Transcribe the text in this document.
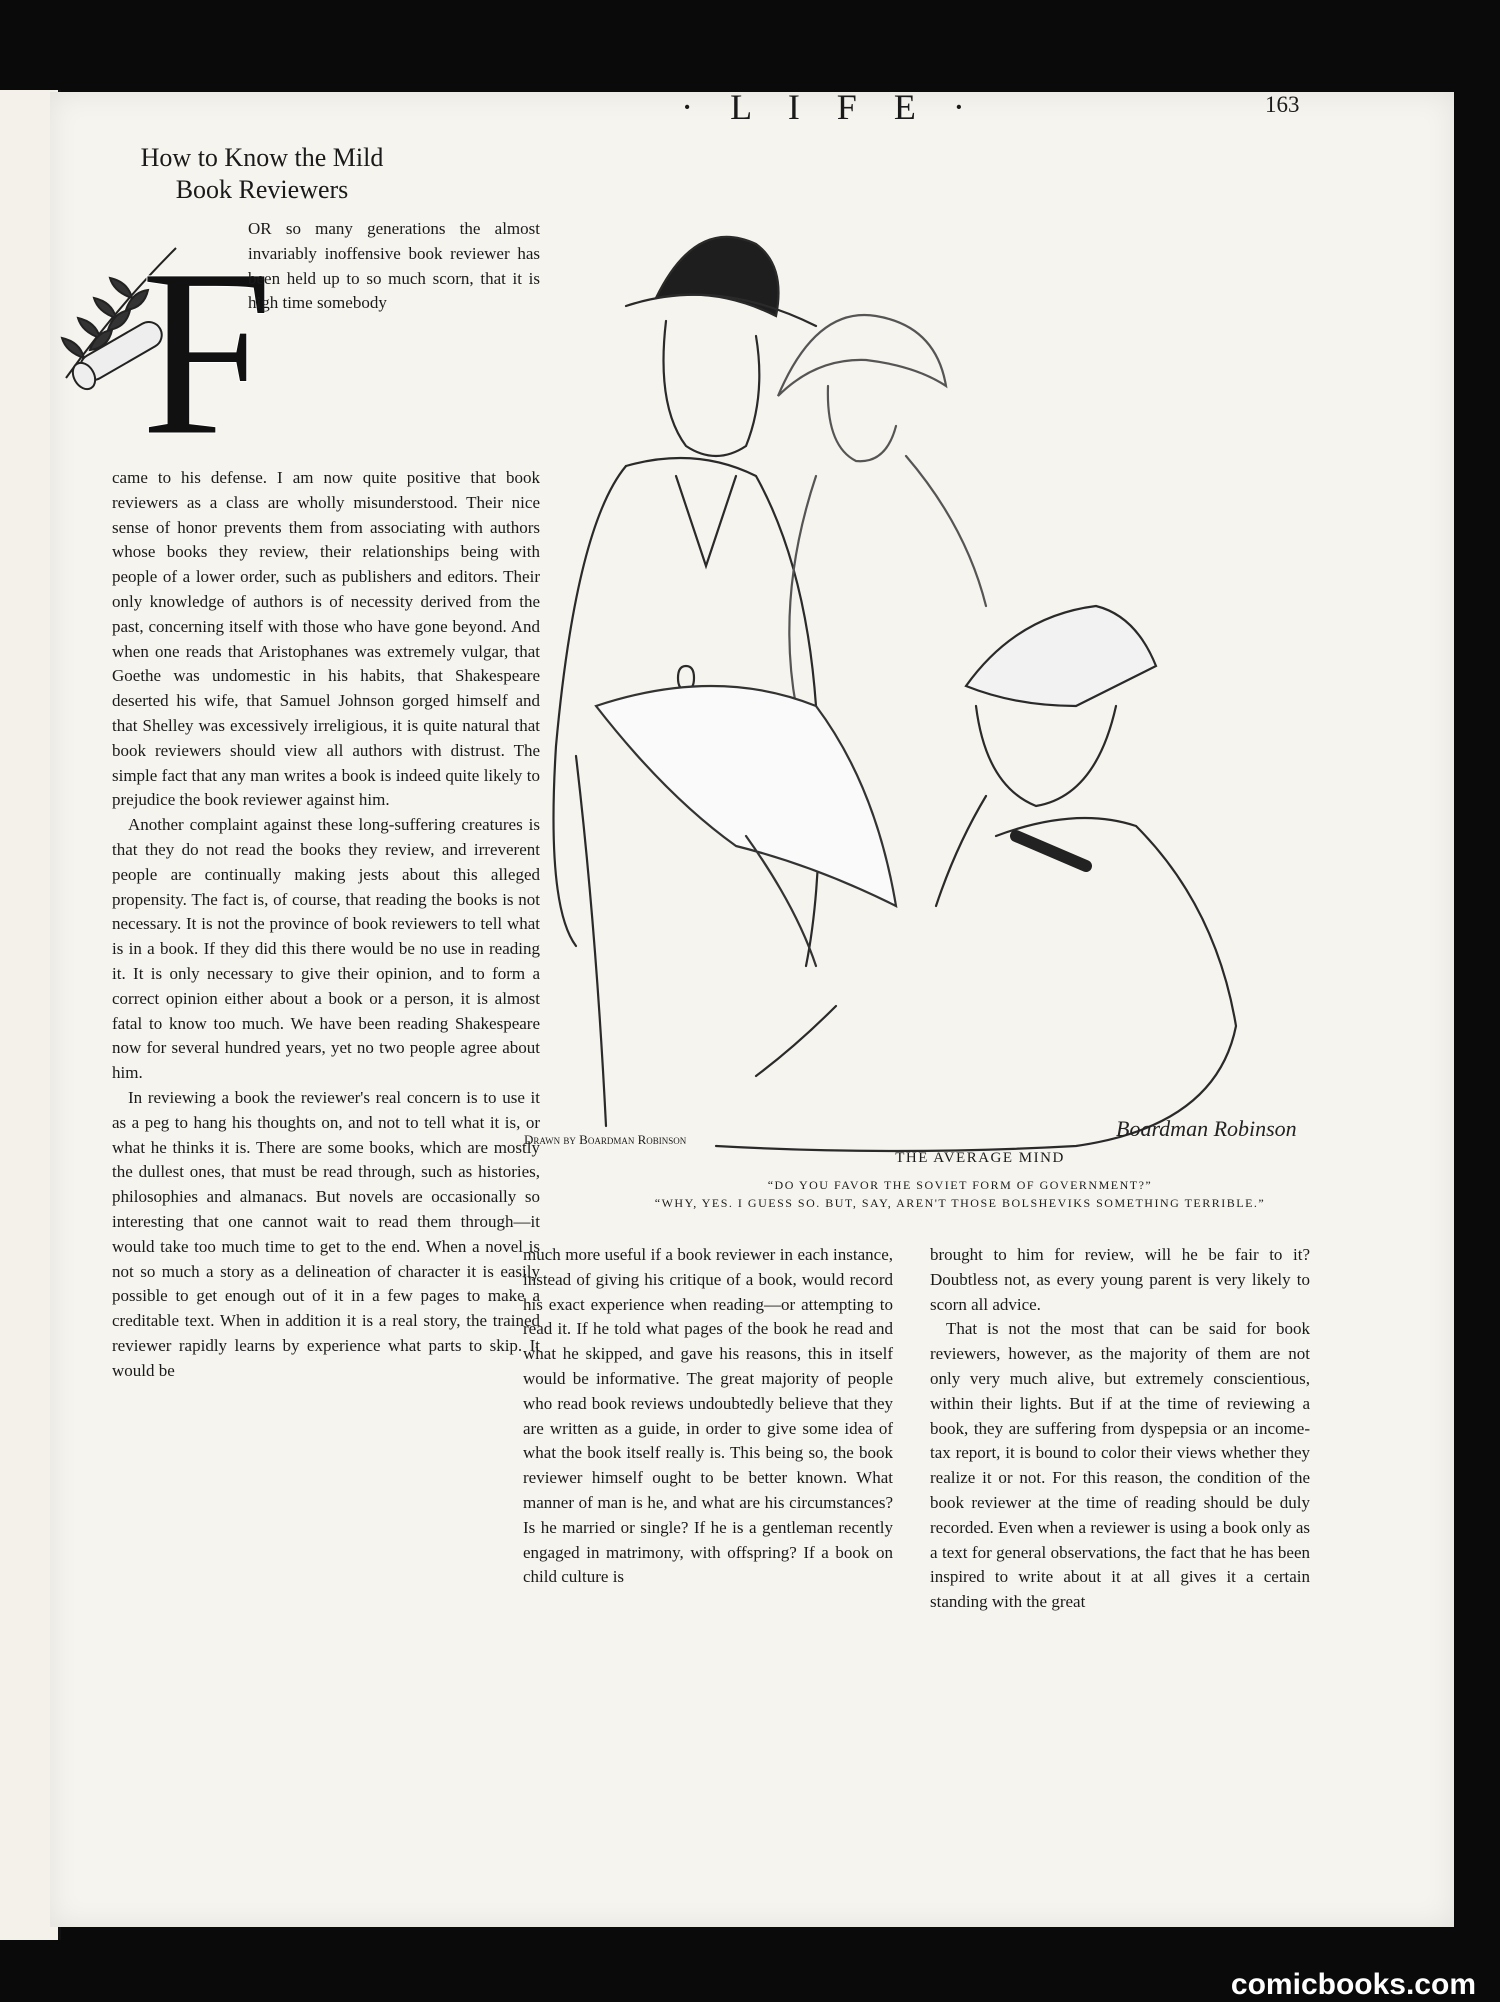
· L I F E ·	163
How to Know the Mild Book Reviewers
F
OR so many generations the almost invariably inoffensive book reviewer has been held up to so much scorn, that it is high time somebody

came to his defense. I am now quite positive that book reviewers as a class are wholly misunderstood. Their nice sense of honor prevents them from associating with authors whose books they review, their relationships being with people of a lower order, such as publishers and editors. Their only knowledge of authors is of necessity derived from the past, concerning itself with those who have gone beyond. And when one reads that Aristophanes was extremely vulgar, that Goethe was undomestic in his habits, that Shakespeare deserted his wife, that Samuel Johnson gorged himself and that Shelley was excessively irreligious, it is quite natural that book reviewers should view all authors with distrust. The simple fact that any man writes a book is indeed quite likely to prejudice the book reviewer against him.

Another complaint against these long-suffering creatures is that they do not read the books they review, and irreverent people are continually making jests about this alleged propensity. The fact is, of course, that reading the books is not necessary. It is not the province of book reviewers to tell what is in a book. If they did this there would be no use in reading it. It is only necessary to give their opinion, and to form a correct opinion either about a book or a person, it is almost fatal to know too much. We have been reading Shakespeare now for several hundred years, yet no two people agree about him.

In reviewing a book the reviewer's real concern is to use it as a peg to hang his thoughts on, and not to tell what it is, or what he thinks it is. There are some books, which are mostly the dullest ones, that must be read through, such as histories, philosophies and almanacs. But novels are occasionally so interesting that one cannot wait to read them through—it would take too much time to get to the end. When a novel is not so much a story as a delineation of character it is easily possible to get enough out of it in a few pages to make a creditable text. When in addition it is a real story, the trained reviewer rapidly learns by experience what parts to skip. It would be

much more useful if a book reviewer in each instance, instead of giving his critique of a book, would record his exact experience when reading—or attempting to read it. If he told what pages of the book he read and what he skipped, and gave his reasons, this in itself would be informative. The great majority of people who read book reviews undoubtedly believe that they are written as a guide, in order to give some idea of what the book itself really is. This being so, the book reviewer himself ought to be better known. What manner of man is he, and what are his circumstances? Is he married or single? If he is a gentleman recently engaged in matrimony, with offspring? If a book on child culture is

brought to him for review, will he be fair to it? Doubtless not, as every young parent is very likely to scorn all advice.

That is not the most that can be said for book reviewers, however, as the majority of them are not only very much alive, but extremely conscientious, within their lights. But if at the time of reviewing a book, they are suffering from dyspepsia or an income-tax report, it is bound to color their views whether they realize it or not. For this reason, the condition of the book reviewer at the time of reading should be duly recorded. Even when a reviewer is using a book only as a text for general observations, the fact that he has been inspired to write about it at all gives it a certain standing with the great

Boardman Robinson
Drawn by Boardman Robinson
THE AVERAGE MIND
“DO YOU FAVOR THE SOVIET FORM OF GOVERNMENT?”
“WHY, YES. I GUESS SO. BUT, SAY, AREN'T THOSE BOLSHEVIKS SOMETHING TERRIBLE.”
comicbooks.com
